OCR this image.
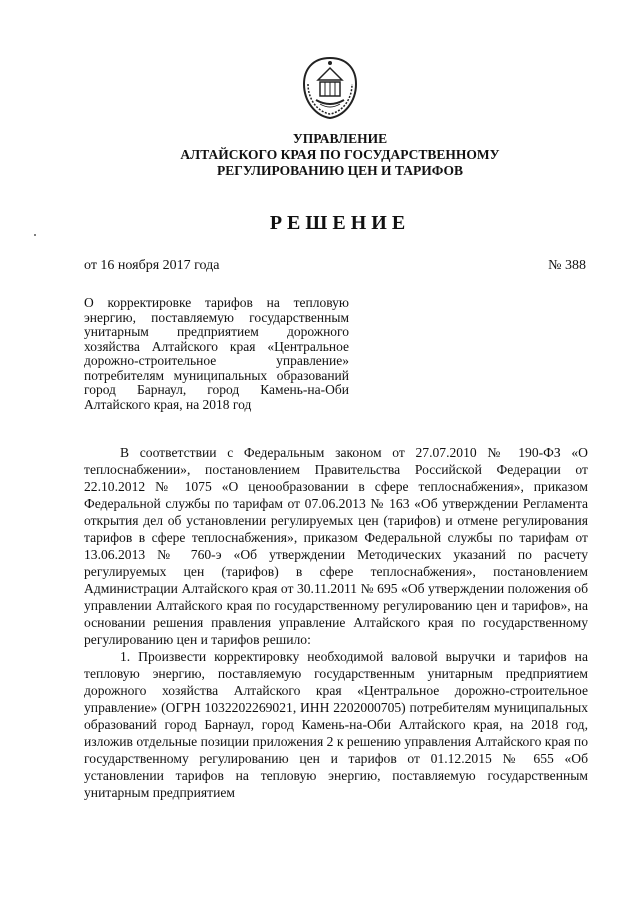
УПРАВЛЕНИЕ
АЛТАЙСКОГО КРАЯ ПО ГОСУДАРСТВЕННОМУ
РЕГУЛИРОВАНИЮ ЦЕН И ТАРИФОВ
РЕШЕНИЕ
от 16 ноября 2017 года	№ 388
О корректировке тарифов на тепловую энергию, поставляемую государственным унитарным предприятием дорожного хозяйства Алтайского края «Центральное дорожно-строительное управление» потребителям муниципальных образований город Барнаул, город Камень-на-Оби Алтайского края, на 2018 год

В соответствии с Федеральным законом от 27.07.2010 № 190-ФЗ «О теплоснабжении», постановлением Правительства Российской Федерации от 22.10.2012 № 1075 «О ценообразовании в сфере теплоснабжения», приказом Федеральной службы по тарифам от 07.06.2013 № 163 «Об утверждении Регламента открытия дел об установлении регулируемых цен (тарифов) и отмене регулирования тарифов в сфере теплоснабжения», приказом Федеральной службы по тарифам от 13.06.2013 № 760-э «Об утверждении Методических указаний по расчету регулируемых цен (тарифов) в сфере теплоснабжения», постановлением Администрации Алтайского края от 30.11.2011 № 695 «Об утверждении положения об управлении Алтайского края по государственному регулированию цен и тарифов», на основании решения правления управление Алтайского края по государственному регулированию цен и тарифов решило:

1. Произвести корректировку необходимой валовой выручки и тарифов на тепловую энергию, поставляемую государственным унитарным предприятием дорожного хозяйства Алтайского края «Центральное дорожно-строительное управление» (ОГРН 1032202269021, ИНН 2202000705) потребителям муниципальных образований город Барнаул, город Камень-на-Оби Алтайского края, на 2018 год, изложив отдельные позиции приложения 2 к решению управления Алтайского края по государственному регулированию цен и тарифов от 01.12.2015 № 655 «Об установлении тарифов на тепловую энергию, поставляемую государственным унитарным предприятием
